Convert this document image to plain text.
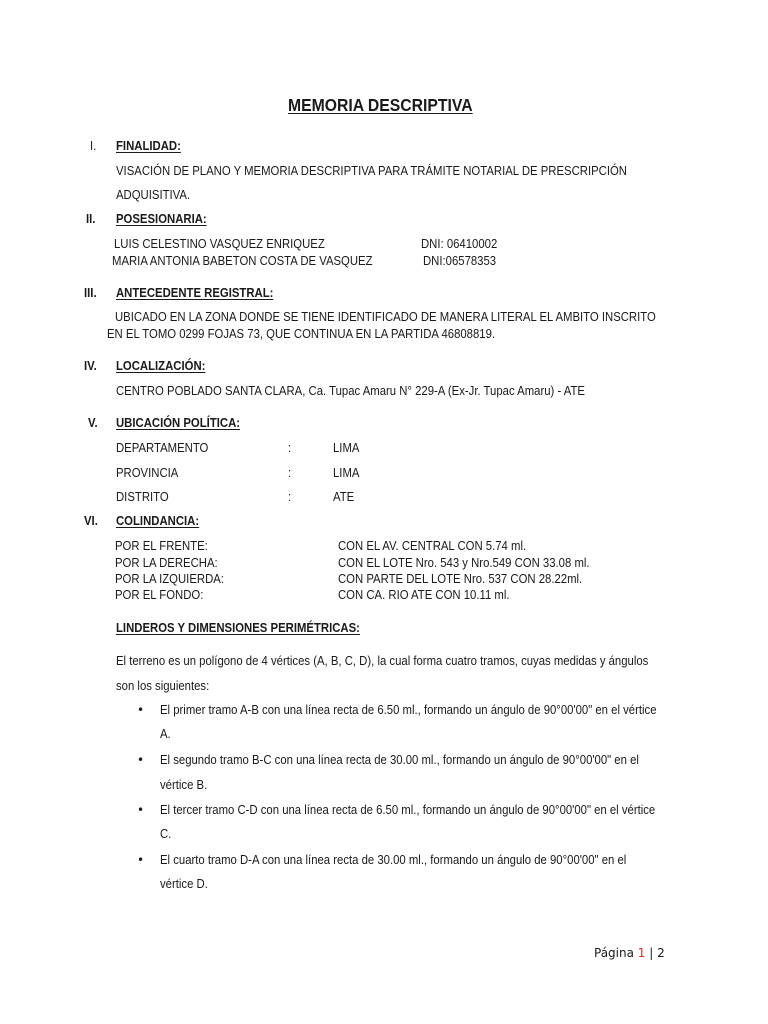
MEMORIA DESCRIPTIVA
I. FINALIDAD:
VISACIÓN DE PLANO Y MEMORIA DESCRIPTIVA PARA TRÁMITE NOTARIAL DE PRESCRIPCIÓN
ADQUISITIVA.
II. POSESIONARIA:
LUIS CELESTINO VASQUEZ ENRIQUEZ	DNI: 06410002
MARIA ANTONIA BABETON COSTA DE VASQUEZ	DNI:06578353
III. ANTECEDENTE REGISTRAL:
UBICADO EN LA ZONA DONDE SE TIENE IDENTIFICADO DE MANERA LITERAL EL AMBITO INSCRITO
EN EL TOMO 0299 FOJAS 73, QUE CONTINUA EN LA PARTIDA 46808819.
IV. LOCALIZACIÓN:
CENTRO POBLADO SANTA CLARA, Ca. Tupac Amaru N° 229-A (Ex-Jr. Tupac Amaru) - ATE
V. UBICACIÓN POLÍTICA:
DEPARTAMENTO	:	LIMA
PROVINCIA	:	LIMA
DISTRITO	:	ATE
VI. COLINDANCIA:
POR EL FRENTE:	CON EL AV. CENTRAL CON 5.74 ml.
POR LA DERECHA:	CON EL LOTE Nro. 543 y Nro.549 CON 33.08 ml.
POR LA IZQUIERDA:	CON PARTE DEL LOTE Nro. 537 CON 28.22ml.
POR EL FONDO:	CON CA. RIO ATE CON 10.11 ml.
LINDEROS Y DIMENSIONES PERIMÉTRICAS:
El terreno es un polígono de 4 vértices (A, B, C, D), la cual forma cuatro tramos, cuyas medidas y ángulos
son los siguientes:
• El primer tramo A-B con una línea recta de 6.50 ml., formando un ángulo de 90°00'00" en el vértice
A.
• El segundo tramo B-C con una línea recta de 30.00 ml., formando un ángulo de 90°00'00" en el
vértice B.
• El tercer tramo C-D con una línea recta de 6.50 ml., formando un ángulo de 90°00'00" en el vértice
C.
• El cuarto tramo D-A con una línea recta de 30.00 ml., formando un ángulo de 90°00'00" en el
vértice D.
Página 1 | 2
